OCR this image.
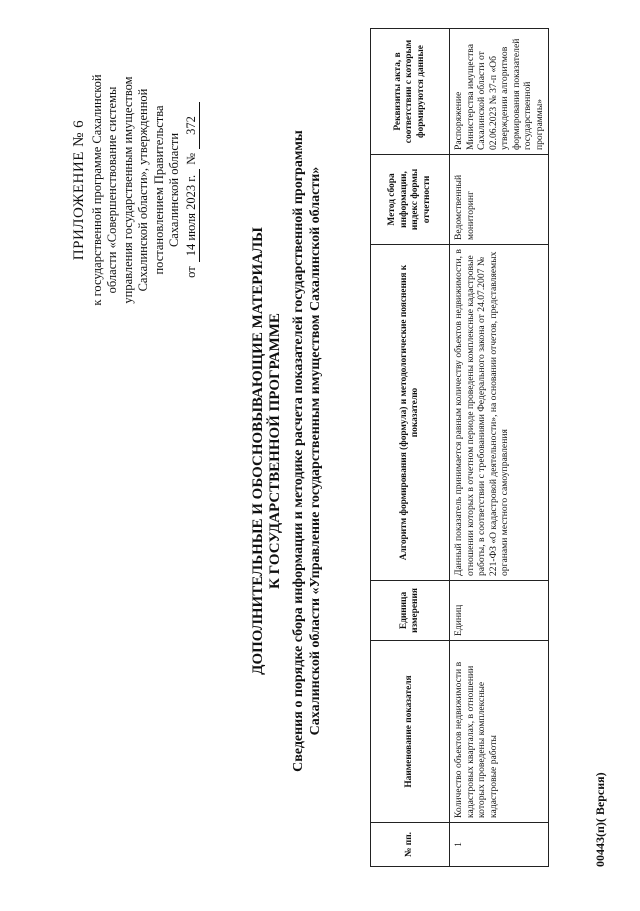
ПРИЛОЖЕНИЕ № 6 к государственной программе Сахалинской области «Совершенствование системы управления государственным имуществом Сахалинской области», утвержденной постановлением Правительства Сахалинской области
от
14 июля 2023 г.
№
372
ДОПОЛНИТЕЛЬНЫЕ И ОБОСНОВЫВАЮЩИЕ МАТЕРИАЛЫ К ГОСУДАРСТВЕННОЙ ПРОГРАММЕ Сведения о порядке сбора информации и методике расчета показателей государственной программы Сахалинской области «Управление государственным имуществом Сахалинской области»
№ пп.	Наименование показателя	Единица измерения	Алгоритм формирования (формула) и методологические пояснения к показателю	Метод сбора информации, индекс формы отчетности	Реквизиты акта, в соответствии с которым формируются данные
1	Количество объектов недвижимости в кадастровых кварталах, в отношении которых проведены комплексные кадастровые работы	Единиц	Данный показатель принимается равным количеству объектов недвижимости, в отношении которых в отчетном периоде проведены комплексные кадастровые работы, в соответствии с требованиями Федерального закона от 24.07.2007 № 221-ФЗ «О кадастровой деятельности», на основании отчетов, представляемых органами местного самоуправления	Ведомственный мониторинг	Распоряжение Министерства имущества Сахалинской области от 02.06.2023 № 37-п «Об утверждении алгоритмов формирования показателей государственной программы»
00443(п)( Версия)
